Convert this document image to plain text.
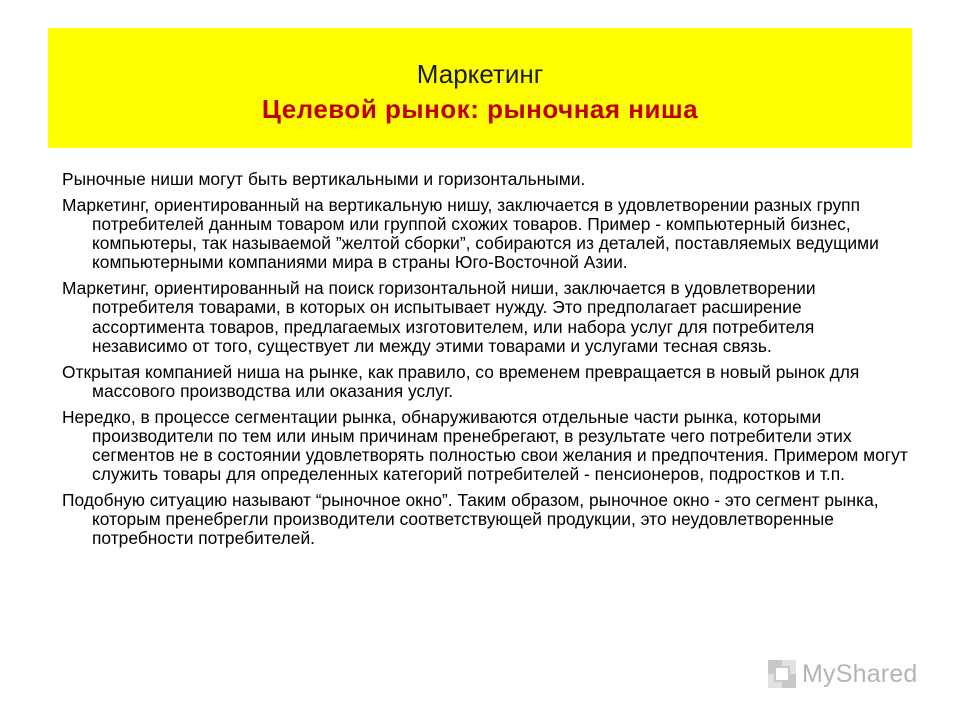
Маркетинг
Целевой рынок: рыночная ниша

Рыночные ниши могут быть вертикальными и горизонтальными.

Маркетинг, ориентированный на вертикальную нишу, заключается в удовлетворении разных групп потребителей данным товаром или группой схожих товаров. Пример - компьютерный бизнес, компьютеры, так называемой ”желтой сборки”, собираются из деталей, поставляемых ведущими компьютерными компаниями мира в страны Юго-Восточной Азии.

Маркетинг, ориентированный на поиск горизонтальной ниши, заключается в удовлетворении потребителя товарами, в которых он испытывает нужду. Это предполагает расширение ассортимента товаров, предлагаемых изготовителем, или набора услуг для потребителя независимо от того, существует ли между этими товарами и услугами тесная связь.

Открытая компанией ниша на рынке, как правило, со временем превращается в новый рынок для массового производства или оказания услуг.

Нередко, в процессе сегментации рынка, обнаруживаются отдельные части рынка, которыми производители по тем или иным причинам пренебрегают, в результате чего потребители этих сегментов не в состоянии удовлетворять полностью свои желания и предпочтения. Примером могут служить товары для определенных категорий потребителей - пенсионеров, подростков и т.п.

Подобную ситуацию называют “рыночное окно”. Таким образом, рыночное окно - это сегмент рынка, которым пренебрегли производители соответствующей продукции, это неудовлетворенные потребности потребителей.

MyShared
